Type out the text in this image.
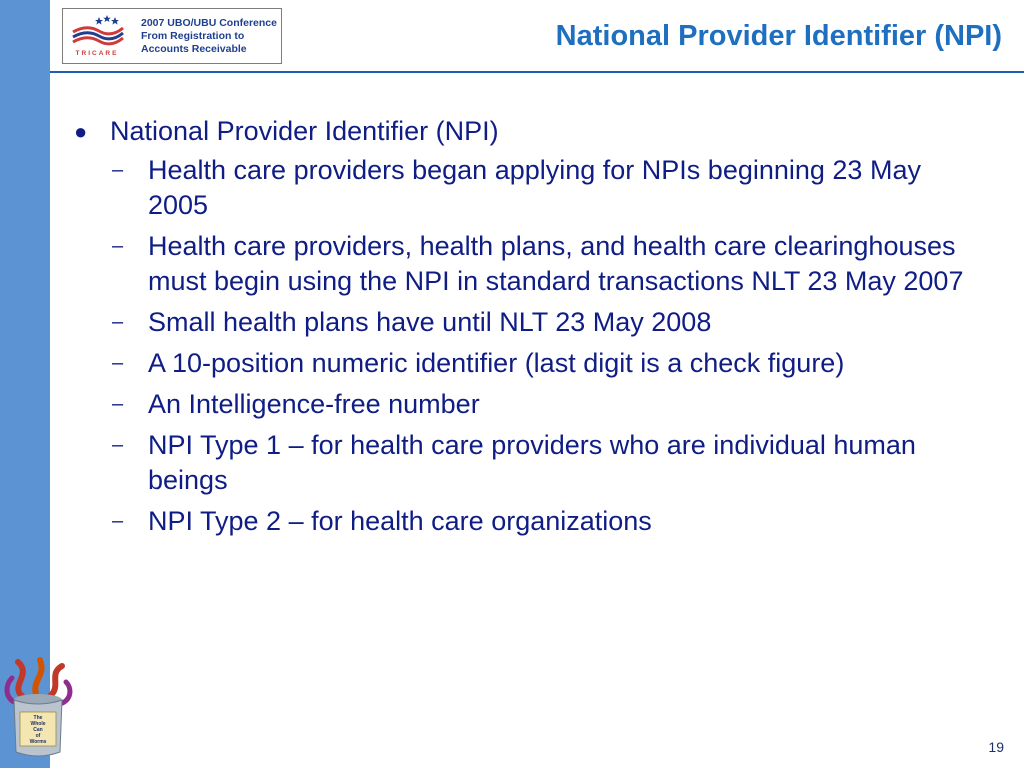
TRICARE
2007 UBO/UBU Conference
From Registration to
Accounts Receivable	National Provider Identifier (NPI)
● National Provider Identifier (NPI)
– Health care providers began applying for NPIs beginning 23 May 2005
– Health care providers, health plans, and health care clearinghouses must begin using the NPI in standard transactions NLT 23 May 2007
– Small health plans have until NLT 23 May 2008
– A 10-position numeric identifier (last digit is a check figure)
– An Intelligence-free number
– NPI Type 1 – for health care providers who are individual human beings
– NPI Type 2 – for health care organizations
The
Whole
Can
of
Worms	19
